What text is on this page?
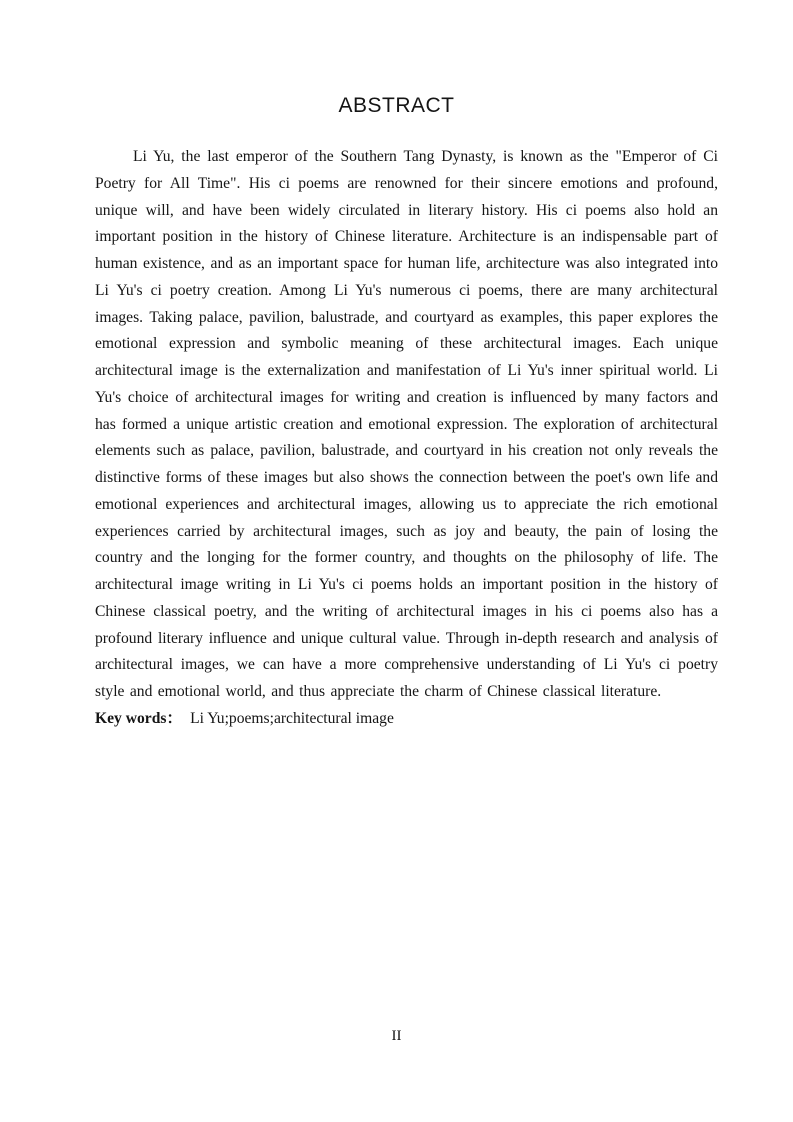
ABSTRACT

Li Yu, the last emperor of the Southern Tang Dynasty, is known as the "Emperor of Ci Poetry for All Time". His ci poems are renowned for their sincere emotions and profound, unique will, and have been widely circulated in literary history. His ci poems also hold an important position in the history of Chinese literature. Architecture is an indispensable part of human existence, and as an important space for human life, architecture was also integrated into Li Yu's ci poetry creation. Among Li Yu's numerous ci poems, there are many architectural images. Taking palace, pavilion, balustrade, and courtyard as examples, this paper explores the emotional expression and symbolic meaning of these architectural images. Each unique architectural image is the externalization and manifestation of Li Yu's inner spiritual world. Li Yu's choice of architectural images for writing and creation is influenced by many factors and has formed a unique artistic creation and emotional expression. The exploration of architectural elements such as palace, pavilion, balustrade, and courtyard in his creation not only reveals the distinctive forms of these images but also shows the connection between the poet's own life and emotional experiences and architectural images, allowing us to appreciate the rich emotional experiences carried by architectural images, such as joy and beauty, the pain of losing the country and the longing for the former country, and thoughts on the philosophy of life. The architectural image writing in Li Yu's ci poems holds an important position in the history of Chinese classical poetry, and the writing of architectural images in his ci poems also has a profound literary influence and unique cultural value. Through in-depth research and analysis of architectural images, we can have a more comprehensive understanding of Li Yu's ci poetry style and emotional world, and thus appreciate the charm of Chinese classical literature.

Key words： Li Yu;poems;architectural image

II
